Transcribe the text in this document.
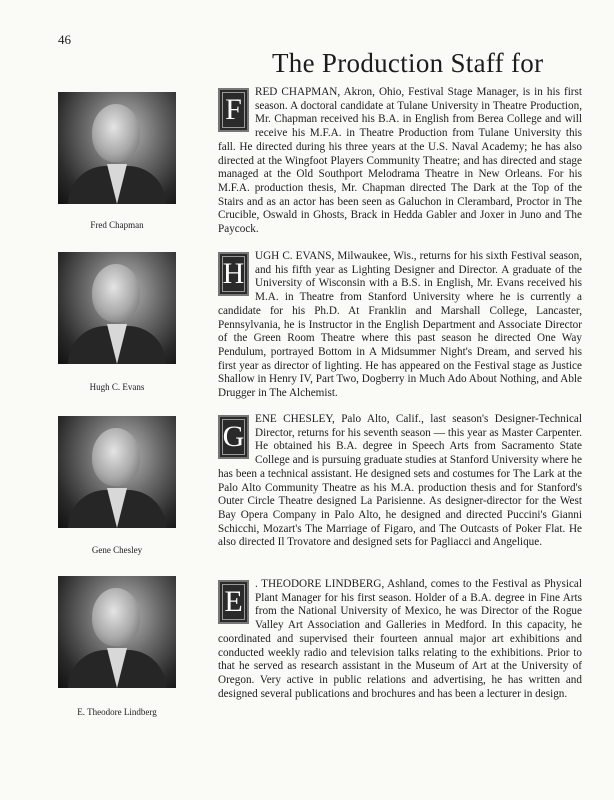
46
The Production Staff for
Fred Chapman
F

RED CHAPMAN, Akron, Ohio, Festival Stage Manager, is in his first season. A doctoral candidate at Tulane University in Theatre Production, Mr. Chapman received his B.A. in English from Berea College and will receive his M.F.A. in Theatre Production from Tulane University this fall. He directed during his three years at the U.S. Naval Academy; he has also directed at the Wingfoot Players Community Theatre; and has directed and stage managed at the Old Southport Melodrama Theatre in New Orleans. For his M.F.A. production thesis, Mr. Chapman directed The Dark at the Top of the Stairs and as an actor has been seen as Galuchon in Clerambard, Proctor in The Crucible, Oswald in Ghosts, Brack in Hedda Gabler and Joxer in Juno and The Paycock.

Hugh C. Evans
H

UGH C. EVANS, Milwaukee, Wis., returns for his sixth Festival season, and his fifth year as Lighting Designer and Director. A graduate of the University of Wisconsin with a B.S. in English, Mr. Evans received his M.A. in Theatre from Stanford University where he is currently a candidate for his Ph.D. At Franklin and Marshall College, Lancaster, Pennsylvania, he is Instructor in the English Department and Associate Director of the Green Room Theatre where this past season he directed One Way Pendulum, portrayed Bottom in A Midsummer Night's Dream, and served his first year as director of lighting. He has appeared on the Festival stage as Justice Shallow in Henry IV, Part Two, Dogberry in Much Ado About Nothing, and Able Drugger in The Alchemist.

Gene Chesley
G

ENE CHESLEY, Palo Alto, Calif., last season's Designer-Technical Director, returns for his seventh season — this year as Master Carpenter. He obtained his B.A. degree in Speech Arts from Sacramento State College and is pursuing graduate studies at Stanford University where he has been a technical assistant. He designed sets and costumes for The Lark at the Palo Alto Community Theatre as his M.A. production thesis and for Stanford's Outer Circle Theatre designed La Parisienne. As designer-director for the West Bay Opera Company in Palo Alto, he designed and directed Puccini's Gianni Schicchi, Mozart's The Marriage of Figaro, and The Outcasts of Poker Flat. He also directed Il Trovatore and designed sets for Pagliacci and Angelique.

E. Theodore Lindberg
E

. THEODORE LINDBERG, Ashland, comes to the Festival as Physical Plant Manager for his first season. Holder of a B.A. degree in Fine Arts from the National University of Mexico, he was Director of the Rogue Valley Art Association and Galleries in Medford. In this capacity, he coordinated and supervised their fourteen annual major art exhibitions and conducted weekly radio and television talks relating to the exhibitions. Prior to that he served as research assistant in the Museum of Art at the University of Oregon. Very active in public relations and advertising, he has written and designed several publications and brochures and has been a lecturer in design.
